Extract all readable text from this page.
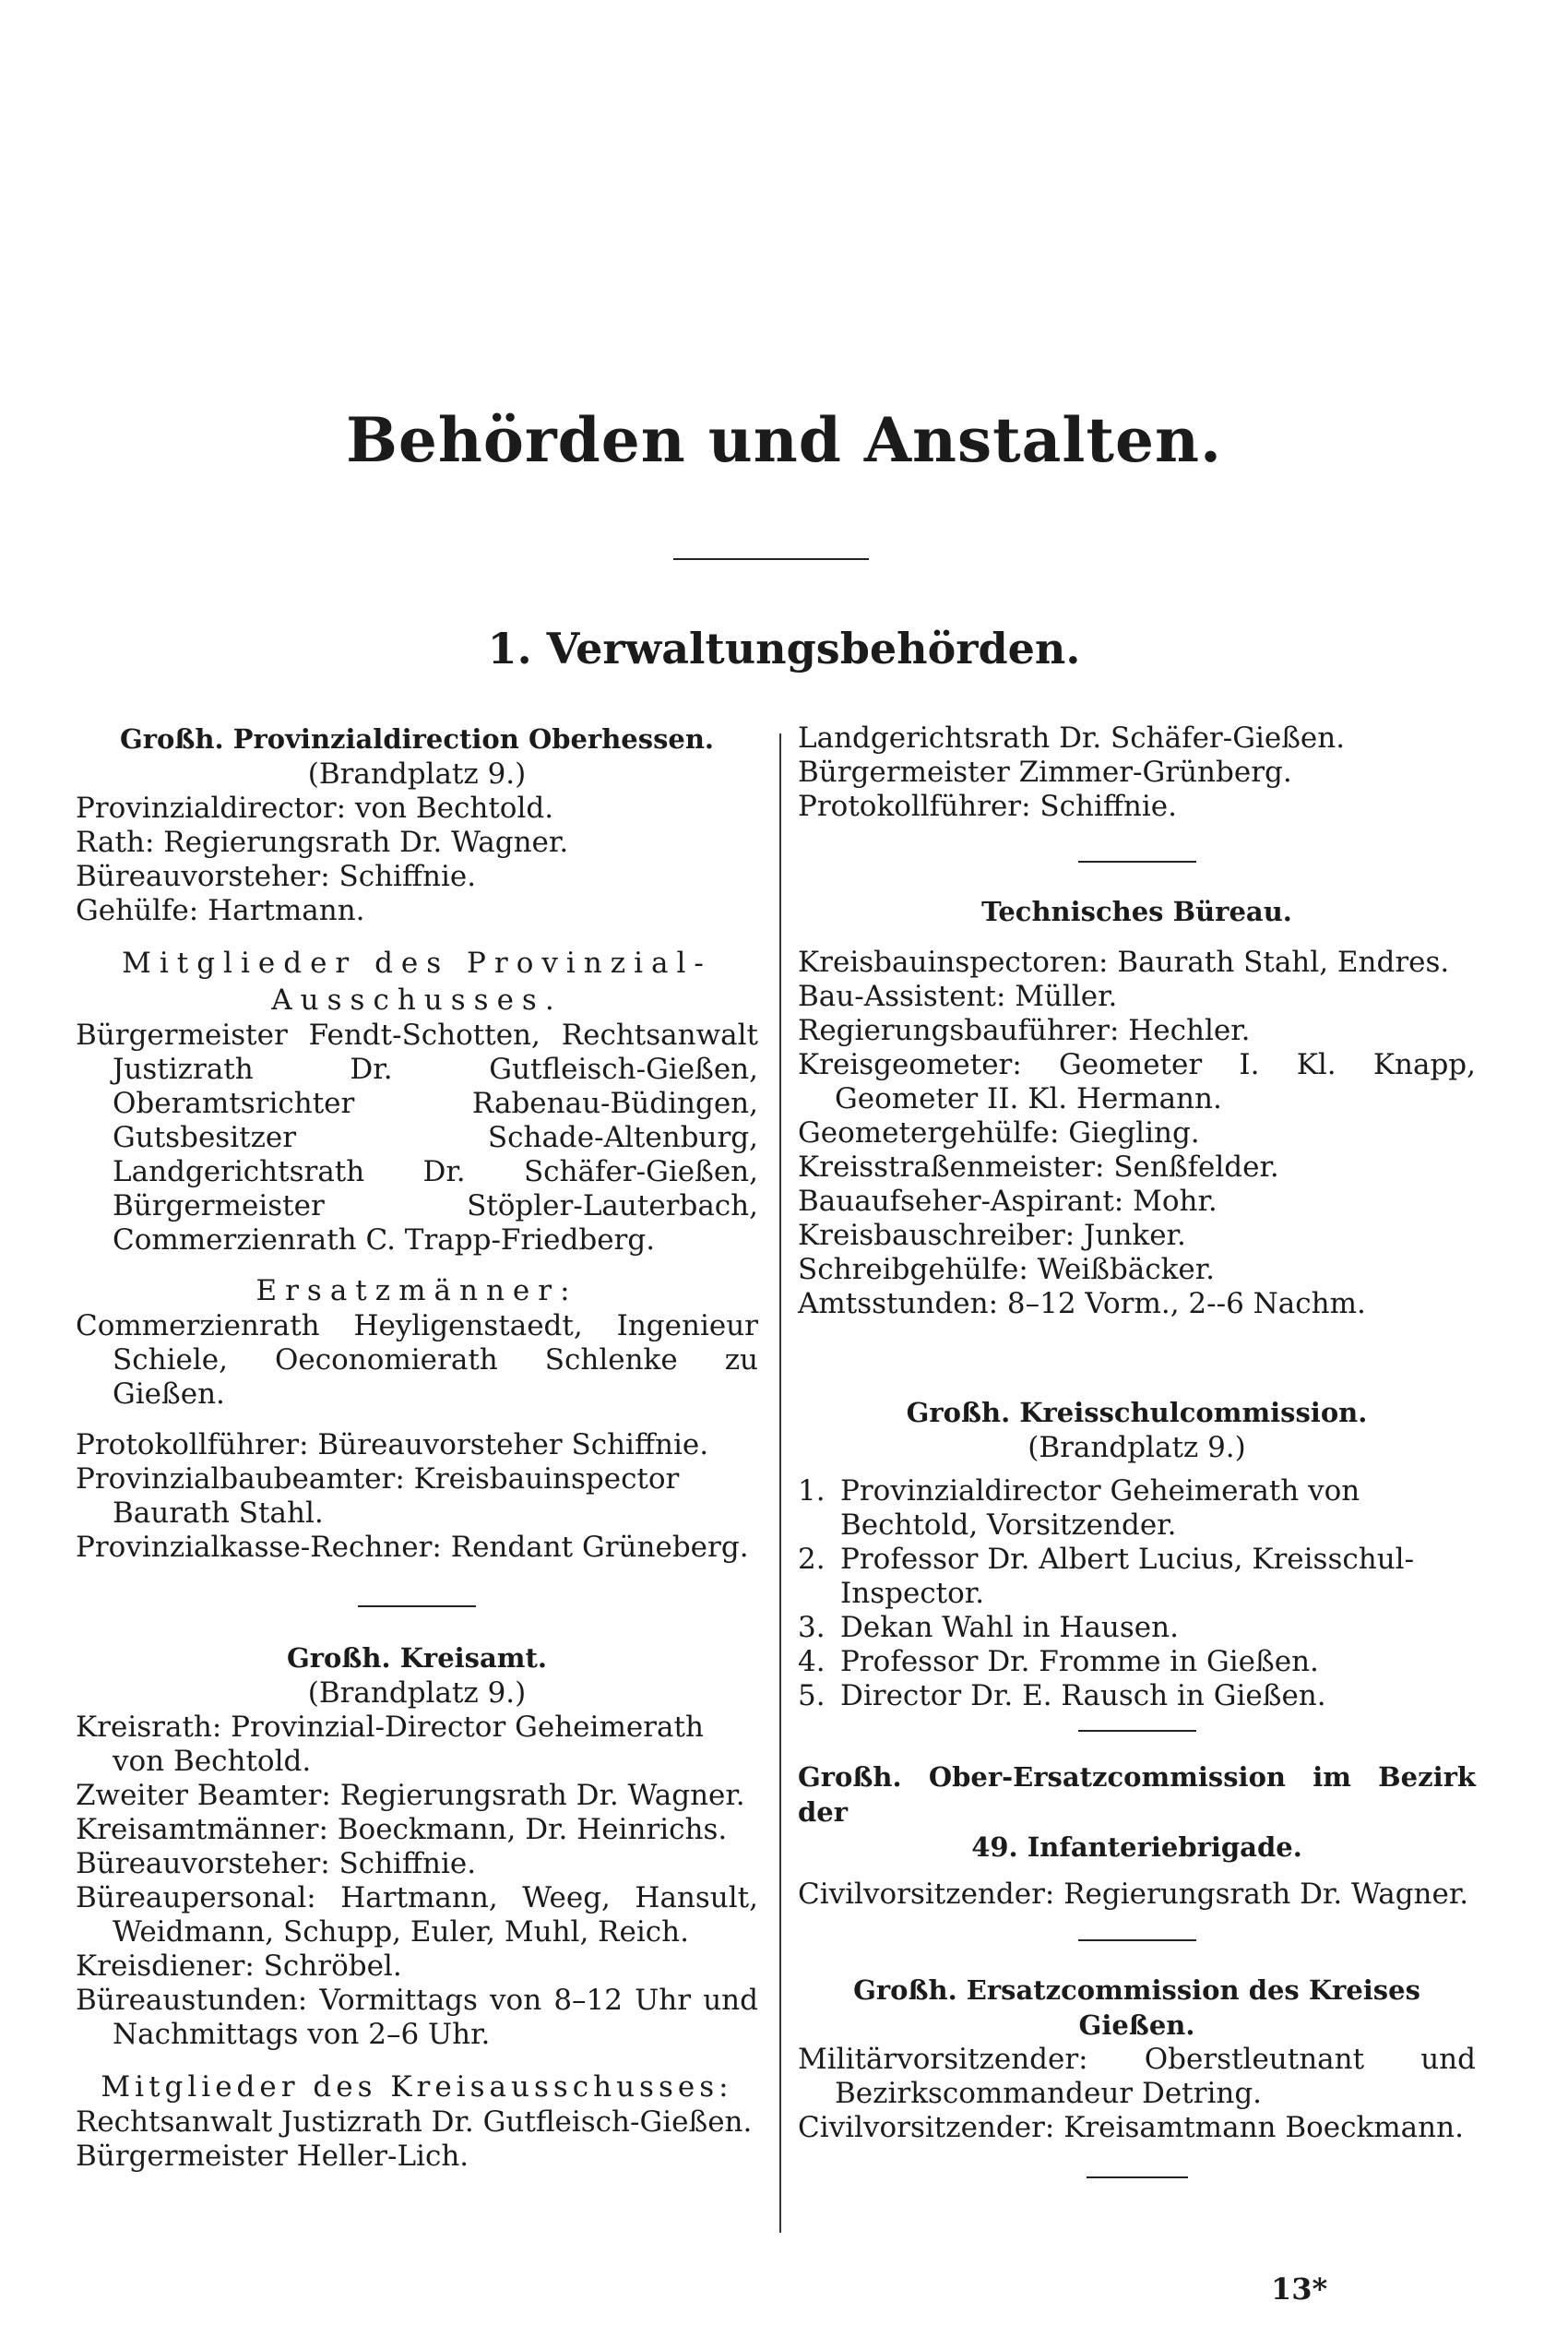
Behörden und Anstalten.
1. Verwaltungsbehörden.

Großh. Provinzialdirection Oberhessen.

(Brandplatz 9.)

Provinzialdirector: von Bechtold.

Rath: Regierungsrath Dr. Wagner.

Büreauvorsteher: Schiffnie.

Gehülfe: Hartmann.

Mitglieder des Provinzial-

Ausschusses.

Bürgermeister Fendt-Schotten, Rechtsanwalt Justizrath Dr. Gutfleisch-Gießen, Oberamtsrichter Rabenau-Büdingen, Gutsbesitzer Schade-Altenburg, Landgerichtsrath Dr. Schäfer-Gießen, Bürgermeister Stöpler-Lauterbach, Commerzienrath C. Trapp-Friedberg.

Ersatzmänner:

Commerzienrath Heyligenstaedt, Ingenieur Schiele, Oeconomierath Schlenke zu Gießen.

Protokollführer: Büreauvorsteher Schiffnie.

Provinzialbaubeamter: Kreisbauinspector Baurath Stahl.

Provinzialkasse-Rechner: Rendant Grüneberg.

Großh. Kreisamt.

(Brandplatz 9.)

Kreisrath: Provinzial-Director Geheimerath von Bechtold.

Zweiter Beamter: Regierungsrath Dr. Wagner.

Kreisamtmänner: Boeckmann, Dr. Heinrichs.

Büreauvorsteher: Schiffnie.

Büreaupersonal: Hartmann, Weeg, Hansult, Weidmann, Schupp, Euler, Muhl, Reich.

Kreisdiener: Schröbel.

Büreaustunden: Vormittags von 8–12 Uhr und Nachmittags von 2–6 Uhr.

Mitglieder des Kreisausschusses:

Rechtsanwalt Justizrath Dr. Gutfleisch-Gießen.

Bürgermeister Heller-Lich.

Landgerichtsrath Dr. Schäfer-Gießen.

Bürgermeister Zimmer-Grünberg.

Protokollführer: Schiffnie.

Technisches Büreau.

Kreisbauinspectoren: Baurath Stahl, Endres.

Bau-Assistent: Müller.

Regierungsbauführer: Hechler.

Kreisgeometer: Geometer I. Kl. Knapp, Geometer II. Kl. Hermann.

Geometergehülfe: Giegling.

Kreisstraßenmeister: Senßfelder.

Bauaufseher-Aspirant: Mohr.

Kreisbauschreiber: Junker.

Schreibgehülfe: Weißbäcker.

Amtsstunden: 8–12 Vorm., 2--6 Nachm.

Großh. Kreisschulcommission.

(Brandplatz 9.)

1. Provinzialdirector Geheimerath von Bechtold, Vorsitzender.
2. Professor Dr. Albert Lucius, Kreisschul-Inspector.
3. Dekan Wahl in Hausen.
4. Professor Dr. Fromme in Gießen.
5. Director Dr. E. Rausch in Gießen.

Großh. Ober-Ersatzcommission im Bezirk der

49. Infanteriebrigade.

Civilvorsitzender: Regierungsrath Dr. Wagner.

Großh. Ersatzcommission des Kreises Gießen.

Militärvorsitzender: Oberstleutnant und Bezirkscommandeur Detring.

Civilvorsitzender: Kreisamtmann Boeckmann.

13*
